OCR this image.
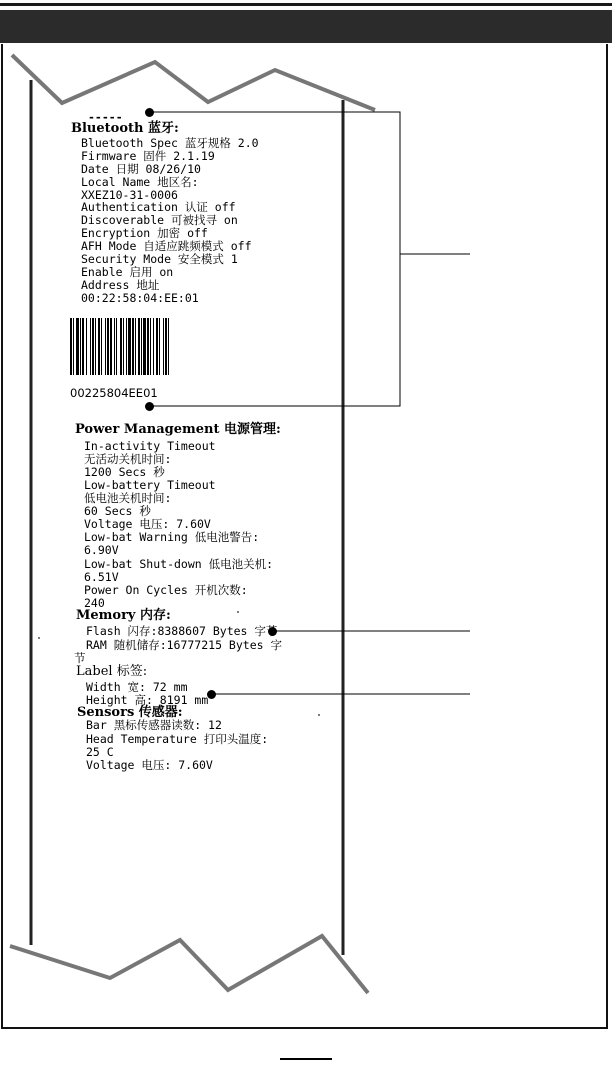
-----
Bluetooth 蓝牙:
Bluetooth Spec 蓝牙规格 2.0
Firmware 固件 2.1.19
Date 日期 08/26/10
Local Name 地区名:
XXEZ10-31-0006
Authentication 认证 off
Discoverable 可被找寻 on
Encryption 加密 off
AFH Mode 自适应跳频模式 off
Security Mode 安全模式 1
Enable 启用 on
Address 地址
00:22:58:04:EE:01
00225804EE01
Power Management 电源管理:
In-activity Timeout
无活动关机时间:
1200 Secs 秒
Low-battery Timeout
低电池关机时间:
60 Secs 秒
Voltage 电压: 7.60V
Low-bat Warning 低电池警告:
6.90V
Low-bat Shut-down 低电池关机:
6.51V
Power On Cycles 开机次数:
240
Memory 内存:
Flash 闪存:8388607 Bytes 字节
RAM 随机储存:16777215 Bytes 字
节
Label 标签:
Width 宽: 72 mm
Height 高: 8191 mm
Sensors 传感器:
Bar 黑标传感器读数: 12
Head Temperature 打印头温度:
25 C
Voltage 电压: 7.60V
